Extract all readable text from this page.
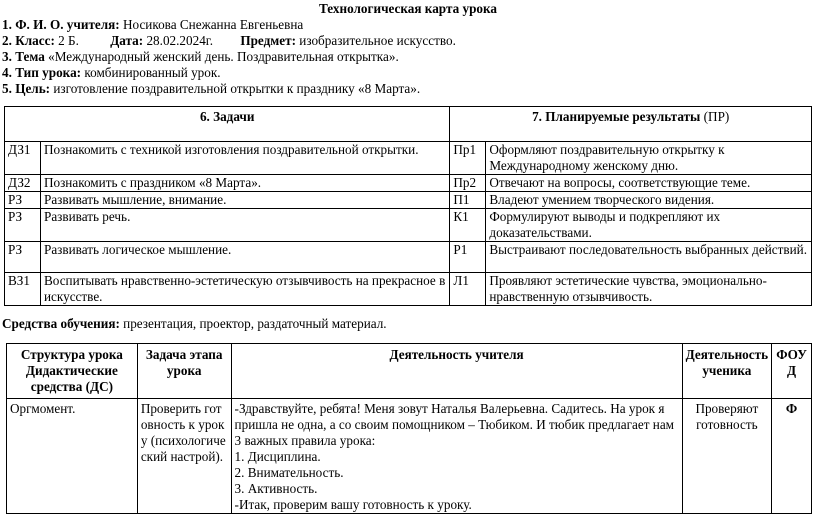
Технологическая карта урока
1. Ф. И. О. учителя: Носикова Снежанна Евгеньевна
2. Класс: 2 Б. Дата: 28.02.2024г. Предмет: изобразительное искусство.
3. Тема «Международный женский день. Поздравительная открытка».
4. Тип урока: комбинированный урок.
5. Цель: изготовление поздравительной открытки к празднику «8 Марта».
6. Задачи		7. Планируемые результаты (ПР)	
ДЗ1	Познакомить с техникой изготовления поздравительной открытки.	Пр1	Оформляют поздравительную открытку к Международному женскому дню.
ДЗ2	Познакомить с праздником «8 Марта».	Пр2	Отвечают на вопросы, соответствующие теме.
РЗ	Развивать мышление, внимание.	П1	Владеют умением творческого видения.
РЗ	Развивать речь.	К1	Формулируют выводы и подкрепляют их доказательствами.
РЗ	Развивать логическое мышление.	Р1	Выстраивают последовательность выбранных действий.
ВЗ1	Воспитывать нравственно-эстетическую отзывчивость на прекрасное в искусстве.	Л1	Проявляют эстетические чувства, эмоционально-нравственную отзывчивость.
Средства обучения: презентация, проектор, раздаточный материал.
Структура урока Дидактические средства (ДС)	Задача этапа урока	Деятельность учителя	Деятельность ученика	ФОУД
Оргмомент.	Проверить готовность к уроку (психологический настрой).	-Здравствуйте, ребята! Меня зовут Наталья Валерьевна. Садитесь. На урок я пришла не одна, а со своим помощником – Тюбиком. И тюбик предлагает нам 3 важных правила урока:
1. Дисциплина.
2. Внимательность.
3. Активность.
-Итак, проверим вашу готовность к уроку.	Проверяют готовность	Ф
